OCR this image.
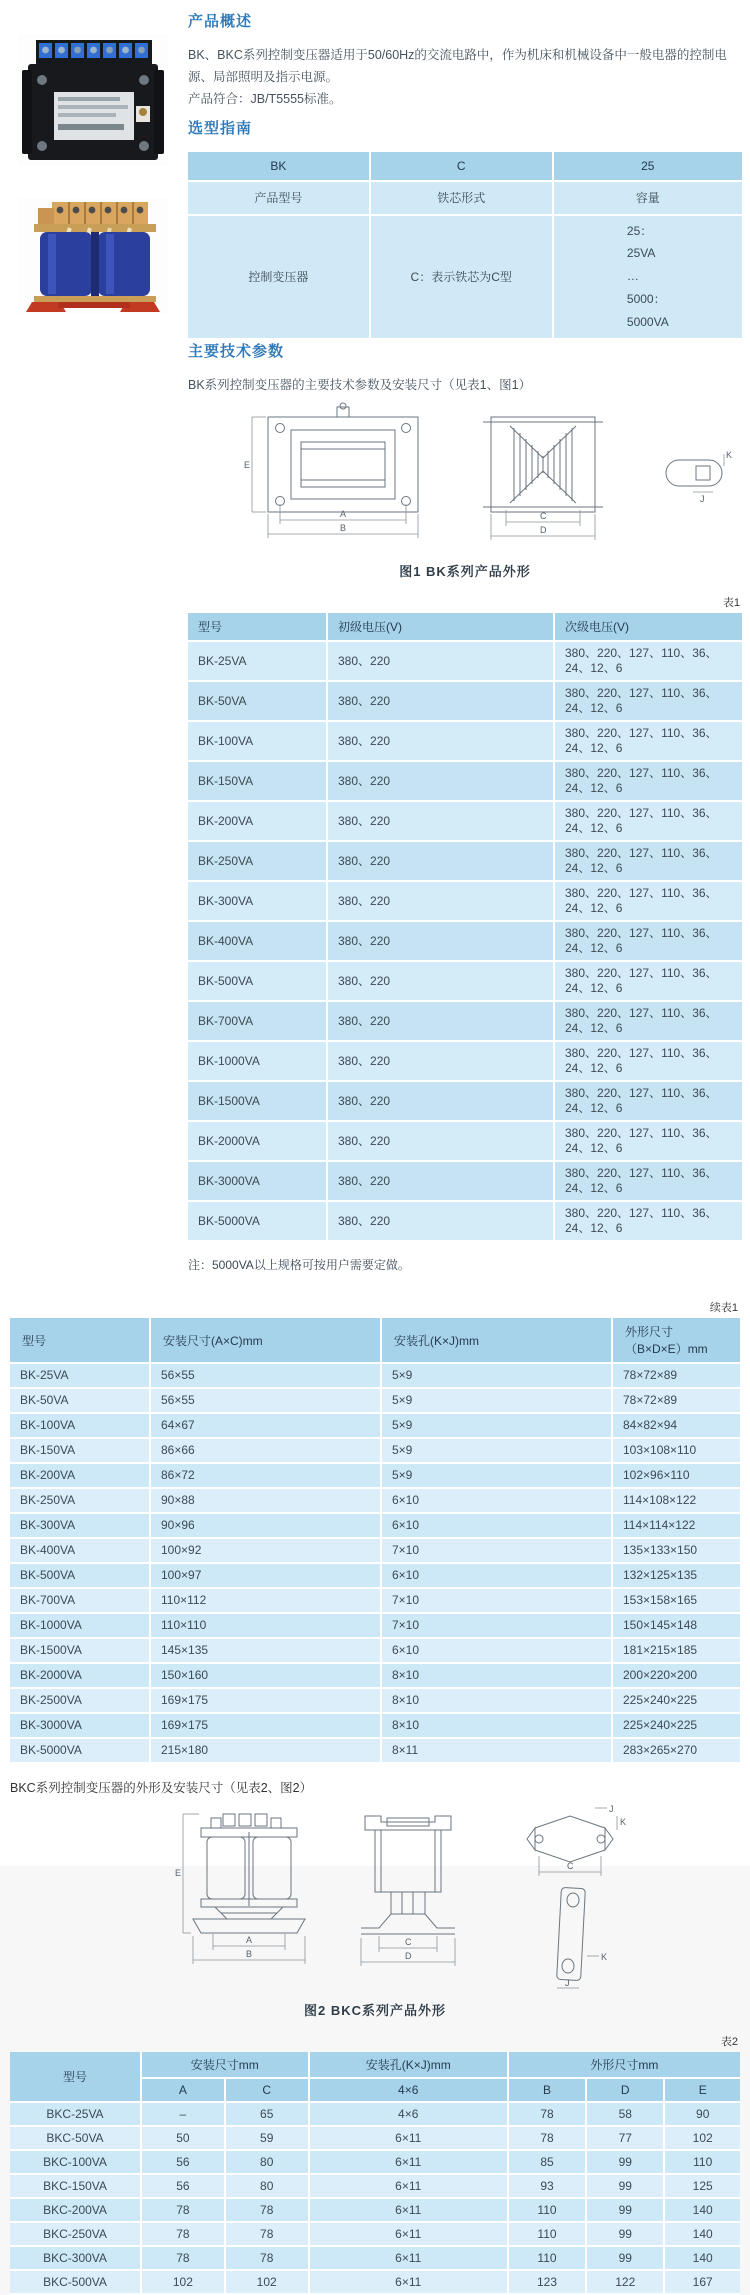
产品概述

BK、BKC系列控制变压器适用于50/60Hz的交流电路中，作为机床和机械设备中一般电器的控制电源、局部照明及指示电源。
产品符合：JB/T5555标准。

选型指南
BK	C	25
产品型号	铁芯形式	容量
控制变压器	C：表示铁芯为C型	25：
25VA
…
5000：
5000VA
主要技术参数

BK系列控制变压器的主要技术参数及安装尺寸（见表1、图1）

E
A
B
C
D
K
J
图1 BK系列产品外形
表1
型号	初级电压(V)	次级电压(V)
BK-25VA	380、220	380、220、127、110、36、24、12、6
BK-50VA	380、220	380、220、127、110、36、24、12、6
BK-100VA	380、220	380、220、127、110、36、24、12、6
BK-150VA	380、220	380、220、127、110、36、24、12、6
BK-200VA	380、220	380、220、127、110、36、24、12、6
BK-250VA	380、220	380、220、127、110、36、24、12、6
BK-300VA	380、220	380、220、127、110、36、24、12、6
BK-400VA	380、220	380、220、127、110、36、24、12、6
BK-500VA	380、220	380、220、127、110、36、24、12、6
BK-700VA	380、220	380、220、127、110、36、24、12、6
BK-1000VA	380、220	380、220、127、110、36、24、12、6
BK-1500VA	380、220	380、220、127、110、36、24、12、6
BK-2000VA	380、220	380、220、127、110、36、24、12、6
BK-3000VA	380、220	380、220、127、110、36、24、12、6
BK-5000VA	380、220	380、220、127、110、36、24、12、6

注：5000VA以上规格可按用户需要定做。

续表1
型号	安装尺寸(A×C)mm	安装孔(K×J)mm	外形尺寸（B×D×E）mm
BK-25VA	56×55	5×9	78×72×89
BK-50VA	56×55	5×9	78×72×89
BK-100VA	64×67	5×9	84×82×94
BK-150VA	86×66	5×9	103×108×110
BK-200VA	86×72	5×9	102×96×110
BK-250VA	90×88	6×10	114×108×122
BK-300VA	90×96	6×10	114×114×122
BK-400VA	100×92	7×10	135×133×150
BK-500VA	100×97	6×10	132×125×135
BK-700VA	110×112	7×10	153×158×165
BK-1000VA	110×110	7×10	150×145×148
BK-1500VA	145×135	6×10	181×215×185
BK-2000VA	150×160	8×10	200×220×200
BK-2500VA	169×175	8×10	225×240×225
BK-3000VA	169×175	8×10	225×240×225
BK-5000VA	215×180	8×11	283×265×270

BKC系列控制变压器的外形及安装尺寸（见表2、图2）

E
A
B
C
D
J
K
C
K
J
图2 BKC系列产品外形
表2
型号	安装尺寸mm		安装孔(K×J)mm	外形尺寸mm		
	A	C	4×6	B	D	E
BKC-25VA	–	65	4×6	78	58	90
BKC-50VA	50	59	6×11	78	77	102
BKC-100VA	56	80	6×11	85	99	110
BKC-150VA	56	80	6×11	93	99	125
BKC-200VA	78	78	6×11	110	99	140
BKC-250VA	78	78	6×11	110	99	140
BKC-300VA	78	78	6×11	110	99	140
BKC-500VA	102	102	6×11	123	122	167
